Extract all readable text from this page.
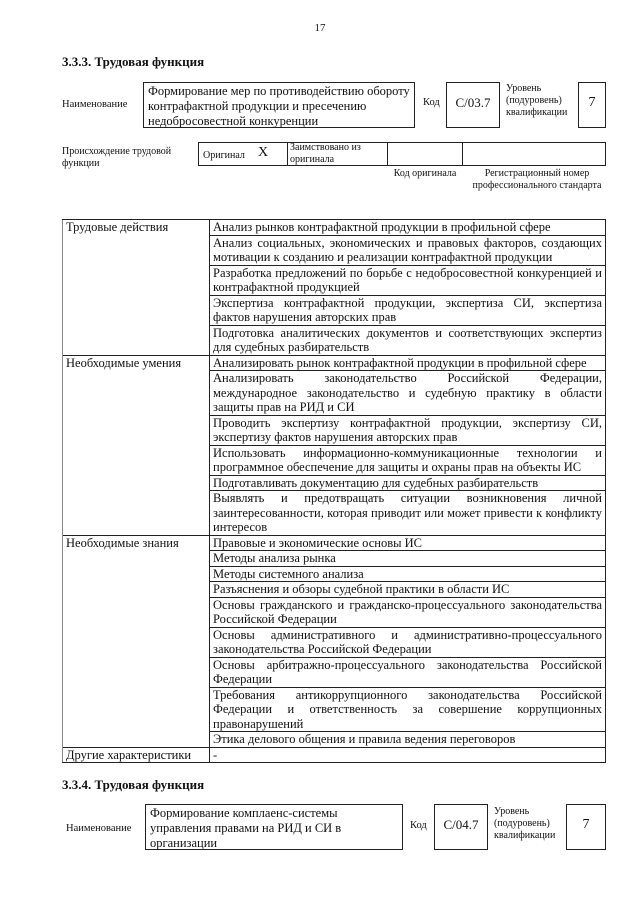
17
3.3.3. Трудовая функция
Наименование
Формирование мер по противодействию обороту контрафактной продукции и пресечению недобросовестной конкуренции
Код	С/03.7
Уровень (подуровень) квалификации
7
Происхождение трудовой функции
Оригинал X Заимствовано из оригинала
Код оригинала	Регистрационный номер профессионального стандарта
Трудовые действия	Анализ рынков контрафактной продукции в профильной сфере
	Анализ социальных, экономических и правовых факторов, создающих мотивации к созданию и реализации контрафактной продукции
	Разработка предложений по борьбе с недобросовестной конкуренцией и контрафактной продукцией
	Экспертиза контрафактной продукции, экспертиза СИ, экспертиза фактов нарушения авторских прав
	Подготовка аналитических документов и соответствующих экспертиз для судебных разбирательств
Необходимые умения	Анализировать рынок контрафактной продукции в профильной сфере
	Анализировать законодательство Российской Федерации, международное законодательство и судебную практику в области защиты прав на РИД и СИ
	Проводить экспертизу контрафактной продукции, экспертизу СИ, экспертизу фактов нарушения авторских прав
	Использовать информационно-коммуникационные технологии и программное обеспечение для защиты и охраны прав на объекты ИС
	Подготавливать документацию для судебных разбирательств
	Выявлять и предотвращать ситуации возникновения личной заинтересованности, которая приводит или может привести к конфликту интересов
Необходимые знания	Правовые и экономические основы ИС
	Методы анализа рынка
	Методы системного анализа
	Разъяснения и обзоры судебной практики в области ИС
	Основы гражданского и гражданско-процессуального законодательства Российской Федерации
	Основы административного и административно-процессуального законодательства Российской Федерации
	Основы арбитражно-процессуального законодательства Российской Федерации
	Требования антикоррупционного законодательства Российской Федерации и ответственность за совершение коррупционных правонарушений
	Этика делового общения и правила ведения переговоров
Другие характеристики	-
3.3.4. Трудовая функция
Наименование
Формирование комплаенс-системы управления правами на РИД и СИ в организации
Код	С/04.7
Уровень (подуровень) квалификации
7
